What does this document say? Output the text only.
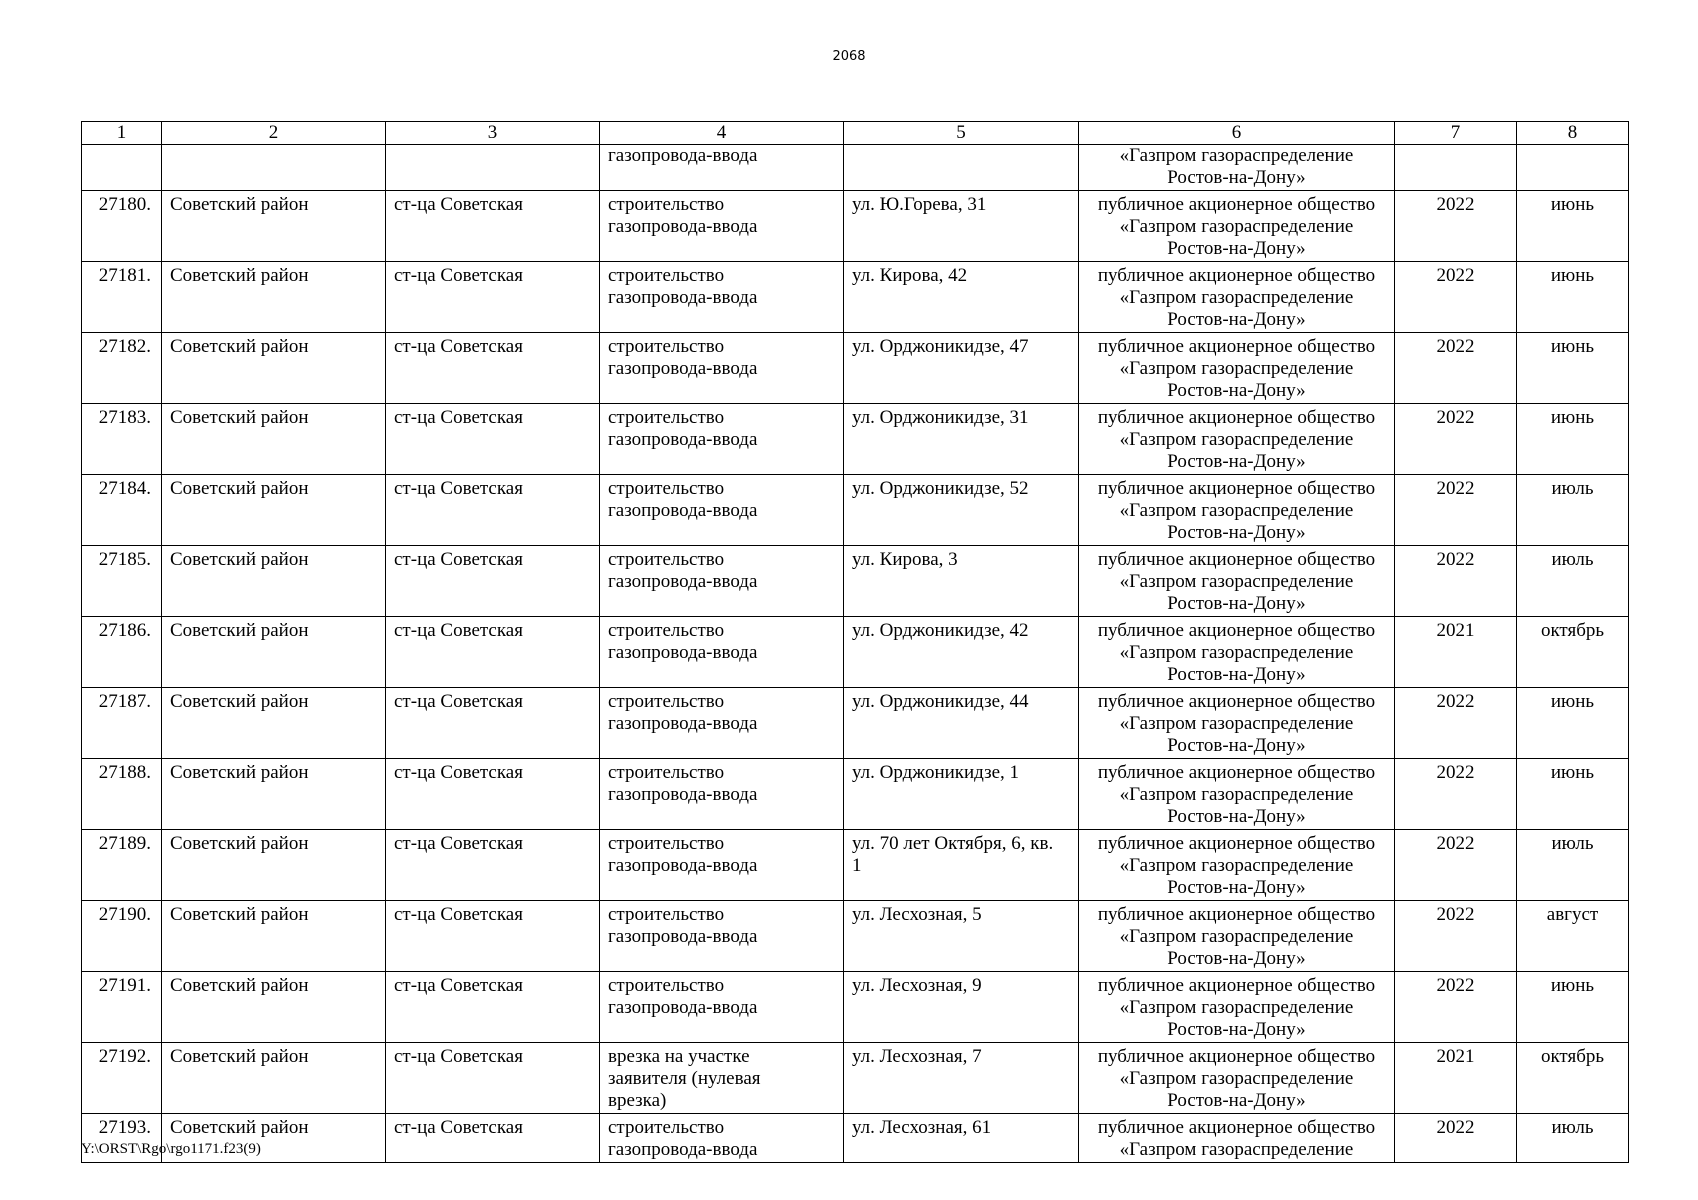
2068
1	2	3	4	5	6	7	8
			газопровода-ввода		«Газпром газораспределение
Ростов-на-Дону»		
27180.	Советский район	ст-ца Советская	строительство
газопровода-ввода	ул. Ю.Горева, 31	публичное акционерное общество
«Газпром газораспределение
Ростов-на-Дону»	2022	июнь
27181.	Советский район	ст-ца Советская	строительство
газопровода-ввода	ул. Кирова, 42	публичное акционерное общество
«Газпром газораспределение
Ростов-на-Дону»	2022	июнь
27182.	Советский район	ст-ца Советская	строительство
газопровода-ввода	ул. Орджоникидзе, 47	публичное акционерное общество
«Газпром газораспределение
Ростов-на-Дону»	2022	июнь
27183.	Советский район	ст-ца Советская	строительство
газопровода-ввода	ул. Орджоникидзе, 31	публичное акционерное общество
«Газпром газораспределение
Ростов-на-Дону»	2022	июнь
27184.	Советский район	ст-ца Советская	строительство
газопровода-ввода	ул. Орджоникидзе, 52	публичное акционерное общество
«Газпром газораспределение
Ростов-на-Дону»	2022	июль
27185.	Советский район	ст-ца Советская	строительство
газопровода-ввода	ул. Кирова, 3	публичное акционерное общество
«Газпром газораспределение
Ростов-на-Дону»	2022	июль
27186.	Советский район	ст-ца Советская	строительство
газопровода-ввода	ул. Орджоникидзе, 42	публичное акционерное общество
«Газпром газораспределение
Ростов-на-Дону»	2021	октябрь
27187.	Советский район	ст-ца Советская	строительство
газопровода-ввода	ул. Орджоникидзе, 44	публичное акционерное общество
«Газпром газораспределение
Ростов-на-Дону»	2022	июнь
27188.	Советский район	ст-ца Советская	строительство
газопровода-ввода	ул. Орджоникидзе, 1	публичное акционерное общество
«Газпром газораспределение
Ростов-на-Дону»	2022	июнь
27189.	Советский район	ст-ца Советская	строительство
газопровода-ввода	ул. 70 лет Октября, 6, кв.
1	публичное акционерное общество
«Газпром газораспределение
Ростов-на-Дону»	2022	июль
27190.	Советский район	ст-ца Советская	строительство
газопровода-ввода	ул. Лесхозная, 5	публичное акционерное общество
«Газпром газораспределение
Ростов-на-Дону»	2022	август
27191.	Советский район	ст-ца Советская	строительство
газопровода-ввода	ул. Лесхозная, 9	публичное акционерное общество
«Газпром газораспределение
Ростов-на-Дону»	2022	июнь
27192.	Советский район	ст-ца Советская	врезка на участке
заявителя (нулевая
врезка)	ул. Лесхозная, 7	публичное акционерное общество
«Газпром газораспределение
Ростов-на-Дону»	2021	октябрь
27193.	Советский район	ст-ца Советская	строительство
газопровода-ввода	ул. Лесхозная, 61	публичное акционерное общество
«Газпром газораспределение	2022	июль
Y:\ORST\Rgo\rgo1171.f23(9)
